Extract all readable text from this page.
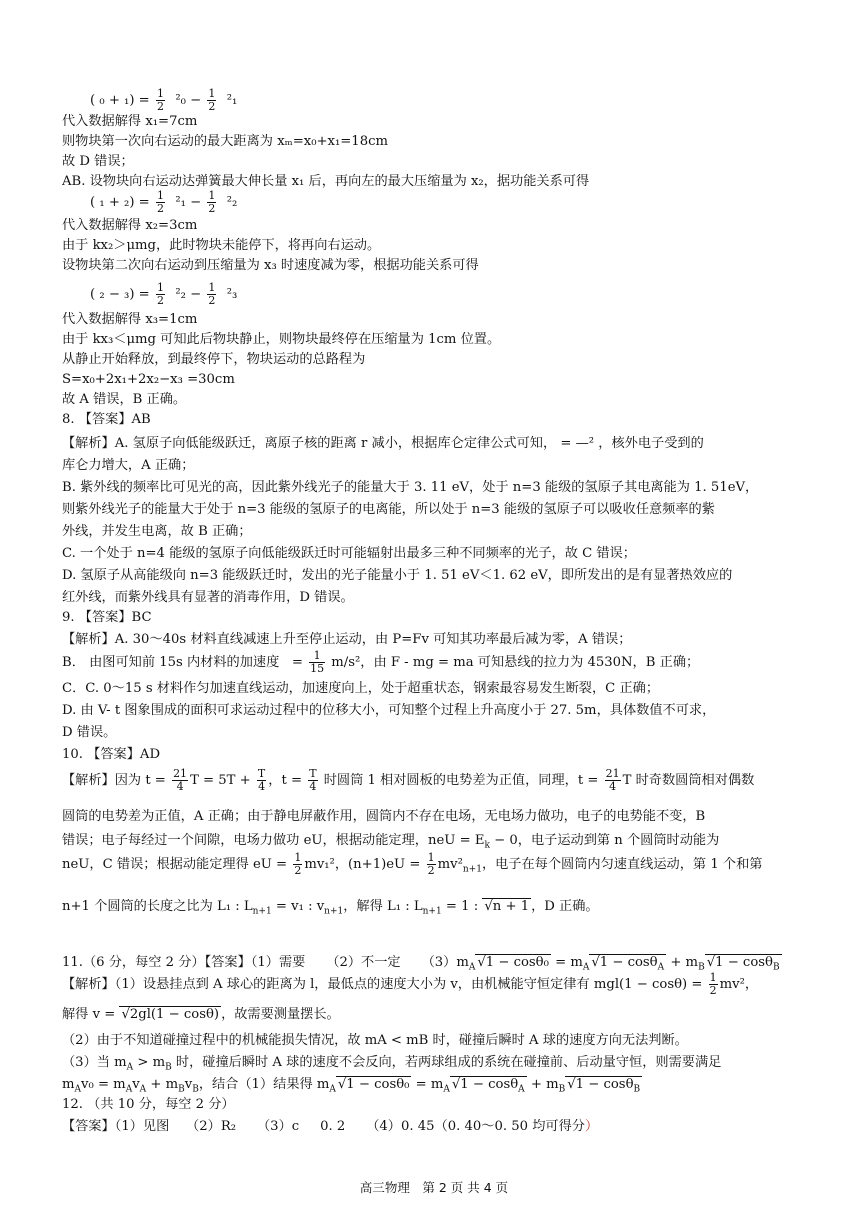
( $_0 + _1) = \frac{1}{2} ^2_0 - \frac{1}{2} ^2_1$
代入数据解得 x₁=7cm
则物块第一次向右运动的最大距离为 xₘ=x₀+x₁=18cm
故 D 错误；
AB. 设物块向右运动达弹簧最大伸长量 x₁ 后，再向左的最大压缩量为 x₂，据功能关系可得
( $_1 + _2) = \frac{1}{2} ^2_1 - \frac{1}{2} ^2_2$
代入数据解得 x₂=3cm
由于 kx₂＞μmg，此时物块未能停下，将再向右运动。
设物块第二次向右运动到压缩量为 x₃ 时速度减为零，根据功能关系可得
( $_2 - _3) = \frac{1}{2} ^2_2 - \frac{1}{2} ^2_3$
代入数据解得 x₃=1cm
由于 kx₃＜μmg 可知此后物块静止，则物块最终停在压缩量为 1cm 位置。
从静止开始释放，到最终停下，物块运动的总路程为
S=x₀+2x₁+2x₂−x₃ =30cm
故 A 错误，B 正确。
8. 【答案】AB
【解析】A. 氢原子向低能级跃迁，离原子核的距离 r 减小，根据库仑定律公式可知， = —² ，核外电子受到的
库仑力增大，A 正确；
B. 紫外线的频率比可见光的高，因此紫外线光子的能量大于 3. 11 eV，处于 n=3 能级的氢原子其电离能为 1. 51eV，
则紫外线光子的能量大于处于 n=3 能级的氢原子的电离能，所以处于 n=3 能级的氢原子可以吸收任意频率的紫
外线，并发生电离，故 B 正确；
C. 一个处于 n=4 能级的氢原子向低能级跃迁时可能辐射出最多三种不同频率的光子，故 C 错误；
D. 氢原子从高能级向 n=3 能级跃迁时，发出的光子能量小于 1. 51 eV＜1. 62 eV，即所发出的是有显著热效应的
红外线，而紫外线具有显著的消毒作用，D 错误。
9. 【答案】BC
【解析】A. 30～40s 材料直线减速上升至停止运动，由 P=Fv 可知其功率最后减为零，A 错误；
B． 由图可知前 15s 内材料的加速度   = $\frac{1}{15} m/s^2$，由 F - mg = ma 可知悬线的拉力为 4530N，B 正确；
C．C. 0～15 s 材料作匀加速直线运动，加速度向上，处于超重状态，钢索最容易发生断裂，C 正确；
D. 由 V- t 图象围成的面积可求运动过程中的位移大小，可知整个过程上升高度小于 27. 5m，具体数值不可求，
D 错误。
10. 【答案】AD
【解析】因为 $t = \frac{21}{4}$ $T = 5T + \frac{T}{4}$ ，$t = \frac{T}{4}$ 时圆筒 1 相对圆板的电势差为正值，同理，$t = \frac{21}{4}$ T 时奇数圆筒相对偶数
圆筒的电势差为正值，A 正确；由于静电屏蔽作用，圆筒内不存在电场，无电场力做功，电子的电势能不变，B
错误；电子每经过一个间隙，电场力做功 eU，根据动能定理，neU = $E_k - 0$，电子运动到第 n 个圆筒时动能为
neU，C 错误；根据动能定理得 eU = $\frac{1}{2} mv_1^2$，$(n+1)eU = \frac{1}{2} mv^2_{n+1}$，电子在每个圆筒内匀速直线运动，第 1 个和第
n+1 个圆筒的长度之比为 L₁ : $L_{n+1} = v_1$ : $v_{n+1}$，解得 L₁ : $L_{n+1} = 1$ : √n + 1 ，D 正确。
11.（6 分，每空 2 分）【答案】（1）需要     （2）不一定     $(3)m_A$ $√1 - \cos\theta_0 = m_A$ $√1 - \cos\theta_A + m_B$ √1 − cosθ$_B$
【解析】（1）设悬挂点到 A 球心的距离为 l，最低点的速度大小为 v，由机械能守恒定律有 $mgl(1 - \cos\theta) = \frac{1}{2} mv^2$，
解得 v = √2gl(1 − cosθ) ，故需要测量摆长。
（2）由于不知道碰撞过程中的机械能损失情况，故 mA < mB 时，碰撞后瞬时 A 球的速度方向无法判断。
（3）当 $m_A > m_B$ 时，碰撞后瞬时 A 球的速度不会反向，若两球组成的系统在碰撞前、后动量守恒，则需要满足
$m_Av_0 = m_Av_A + m_Bv_B$，结合（1）结果得 $m_A$ $√1 - \cos\theta_0 = m_A$ $√1 - \cos\theta_A + m_B$ √1 − cosθ$_B$
12. （共 10 分，每空 2 分）
【答案】（1）见图    （2）R₂     （3）c     0. 2     （4）0. 45（0. 40～0. 50 均可得分）
高三物理　第 2 页 共 4 页
